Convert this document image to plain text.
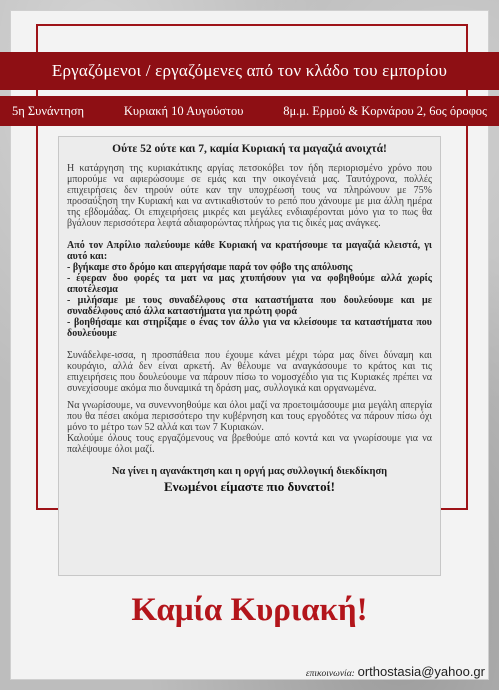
Εργαζόμενοι / εργαζόμενες από τον κλάδο του εμπορίου
5η Συνάντηση	Κυριακή 10 Αυγούστου	8μ.μ. Ερμού & Κορνάρου 2, 6ος όροφος
Ούτε 52 ούτε και 7, καμία Κυριακή τα μαγαζιά ανοιχτά!
Η κατάργηση της κυριακάτικης αργίας πετσοκόβει τον ήδη περιορισμένο χρόνο που μπορούμε να αφιερώσουμε σε εμάς και την οικογένειά μας. Ταυτόχρονα, πολλές επιχειρήσεις δεν τηρούν ούτε καν την υποχρέωσή τους να πληρώνουν με 75% προσαύξηση την Κυριακή και να αντικαθιστούν το ρεπό που χάνουμε με μια άλλη ημέρα της εβδομάδας. Οι επιχειρήσεις μικρές και μεγάλες ενδιαφέρονται μόνο για το πως θα βγάλουν περισσότερα λεφτά αδιαφορώντας πλήρως για τις δικές μας ανάγκες.
Από τον Απρίλιο παλεύουμε κάθε Κυριακή να κρατήσουμε τα μαγαζιά κλειστά, γι αυτό και:
- βγήκαμε στο δρόμο και απεργήσαμε παρά τον φόβο της απόλυσης
- έφεραν δυο φορές τα ματ να μας χτυπήσουν για να φοβηθούμε αλλά χωρίς αποτέλεσμα
- μιλήσαμε με τους συναδέλφους στα καταστήματα που δουλεύουμε και με συναδέλφους από άλλα καταστήματα για πρώτη φορά
- βοηθήσαμε και στηρίξαμε ο ένας τον άλλο για να κλείσουμε τα καταστήματα που δουλεύουμε
Συνάδελφε-ισσα, η προσπάθεια που έχουμε κάνει μέχρι τώρα μας δίνει δύναμη και κουράγιο, αλλά δεν είναι αρκετή. Αν θέλουμε να αναγκάσουμε το κράτος και τις επιχειρήσεις που δουλεύουμε να πάρουν πίσω το νομοσχέδιο για τις Κυριακές πρέπει να συνεχίσουμε ακόμα πιο δυναμικά τη δράση μας, συλλογικά και οργανωμένα.
Να γνωρίσουμε, να συνεννοηθούμε και όλοι μαζί να προετοιμάσουμε μια μεγάλη απεργία που θα πέσει ακόμα περισσότερο την κυβέρνηση και τους εργοδότες να πάρουν πίσω όχι μόνο το μέτρο των 52 αλλά και των 7 Κυριακών.
Καλούμε όλους τους εργαζόμενους να βρεθούμε από κοντά και να γνωρίσουμε για να παλέψουμε όλοι μαζί.
Να γίνει η αγανάκτηση και η οργή μας συλλογική διεκδίκηση
Ενωμένοι είμαστε πιο δυνατοί!
Καμία Κυριακή!
επικοινωνία: orthostasia@yahoo.gr
